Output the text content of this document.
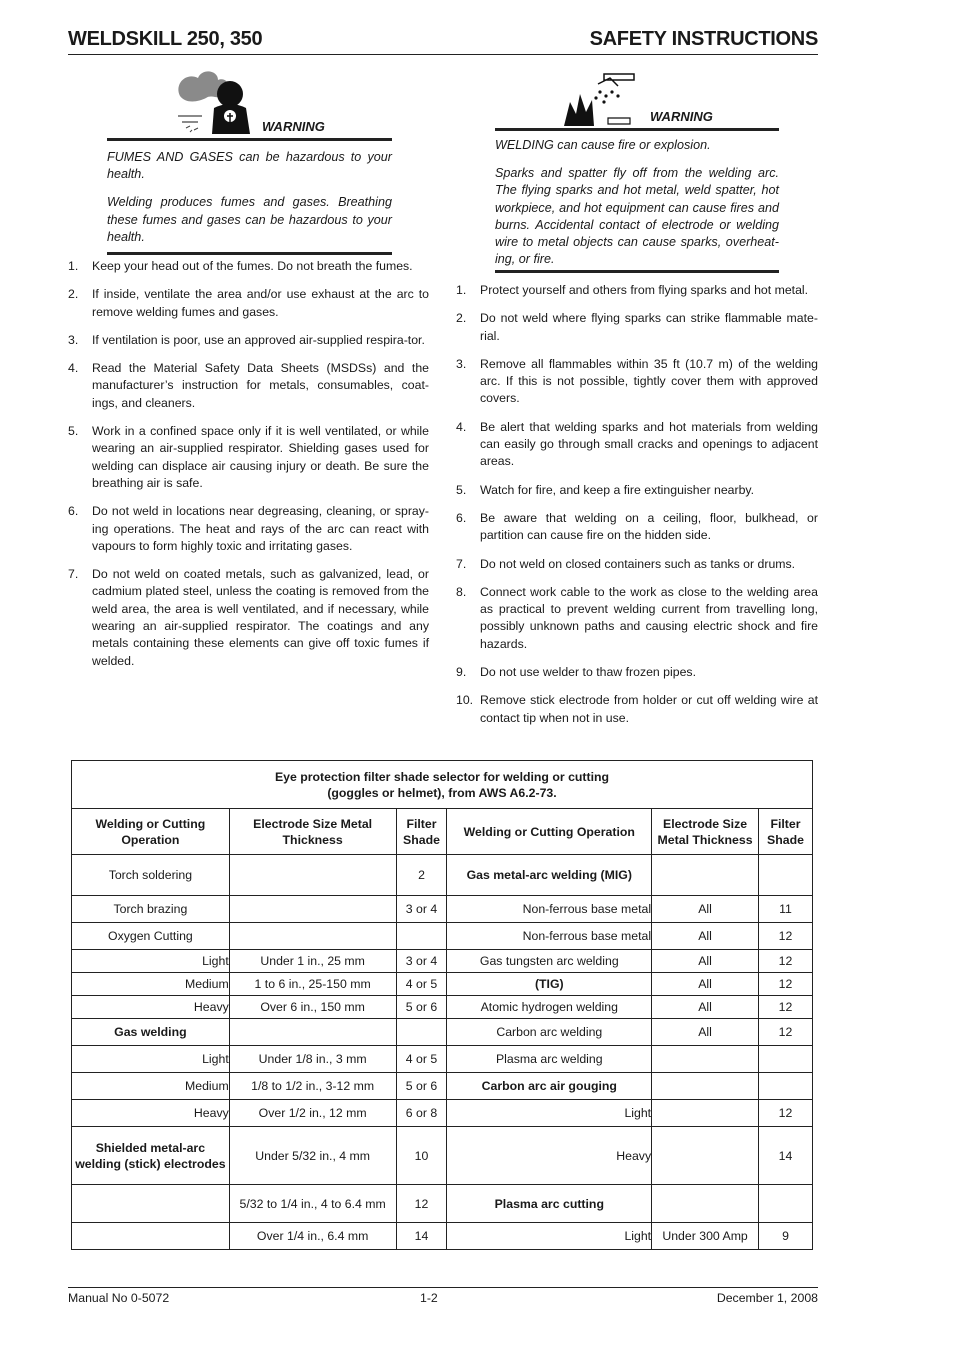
WELDSKILL 250, 350	SAFETY INSTRUCTIONS
WARNING

FUMES AND GASES can be hazardous to your health.

Welding produces fumes and gases. Breathing these fumes and gases can be hazardous to your health.

1. Keep your head out of the fumes. Do not breath the fumes.
2. If inside, ventilate the area and/or use exhaust at the arc to remove welding fumes and gases.
3. If ventilation is poor, use an approved air-supplied respira-tor.
4. Read the Material Safety Data Sheets (MSDSs) and the manufacturer’s instruction for metals, consumables, coat-ings, and cleaners.
5. Work in a confined space only if it is well ventilated, or while wearing an air-supplied respirator. Shielding gases used for welding can displace air causing injury or death. Be sure the breathing air is safe.
6. Do not weld in locations near degreasing, cleaning, or spray-ing operations. The heat and rays of the arc can react with vapours to form highly toxic and irritating gases.
7. Do not weld on coated metals, such as galvanized, lead, or cadmium plated steel, unless the coating is removed from the weld area, the area is well ventilated, and if necessary, while wearing an air-supplied respirator. The coatings and any metals containing these elements can give off toxic fumes if welded.
WARNING

WELDING can cause fire or explosion.

Sparks and spatter fly off from the welding arc. The flying sparks and hot metal, weld spatter, hot workpiece, and hot equipment can cause fires and burns. Accidental contact of electrode or welding wire to metal objects can cause sparks, overheat-ing, or fire.

1. Protect yourself and others from flying sparks and hot metal.
2. Do not weld where flying sparks can strike flammable mate-rial.
3. Remove all flammables within 35 ft (10.7 m) of the welding arc. If this is not possible, tightly cover them with approved covers.
4. Be alert that welding sparks and hot materials from welding can easily go through small cracks and openings to adjacent areas.
5. Watch for fire, and keep a fire extinguisher nearby.
6. Be aware that welding on a ceiling, floor, bulkhead, or partition can cause fire on the hidden side.
7. Do not weld on closed containers such as tanks or drums.
8. Connect work cable to the work as close to the welding area as practical to prevent welding current from travelling long, possibly unknown paths and causing electric shock and fire hazards.
9. Do not use welder to thaw frozen pipes.
10. Remove stick electrode from holder or cut off welding wire at contact tip when not in use.
Eye protection filter shade selector for welding or cutting
(goggles or helmet), from AWS A6.2-73.					

Welding or Cutting Operation	Electrode Size Metal Thickness	Filter Shade	Welding or Cutting Operation	Electrode Size Metal Thickness	Filter Shade
Torch soldering		2	Gas metal-arc welding (MIG)		
Torch brazing		3 or 4	Non-ferrous base metal	All	11
Oxygen Cutting			Non-ferrous base metal	All	12
Light	Under 1 in., 25 mm	3 or 4	Gas tungsten arc welding	All	12
Medium	1 to 6 in., 25-150 mm	4 or 5	(TIG)	All	12
Heavy	Over 6 in., 150 mm	5 or 6	Atomic hydrogen welding	All	12
Gas welding			Carbon arc welding	All	12
Light	Under 1/8 in., 3 mm	4 or 5	Plasma arc welding		
Medium	1/8 to 1/2 in., 3-12 mm	5 or 6	Carbon arc air gouging		
Heavy	Over 1/2 in., 12 mm	6 or 8	Light		12
Shielded metal-arc welding (stick) electrodes	Under 5/32 in., 4 mm	10	Heavy		14
	5/32 to 1/4 in., 4 to 6.4 mm	12	Plasma arc cutting		
	Over 1/4 in., 6.4 mm	14	Light	Under 300 Amp	9
Manual No 0-5072	1-2	December 1, 2008
